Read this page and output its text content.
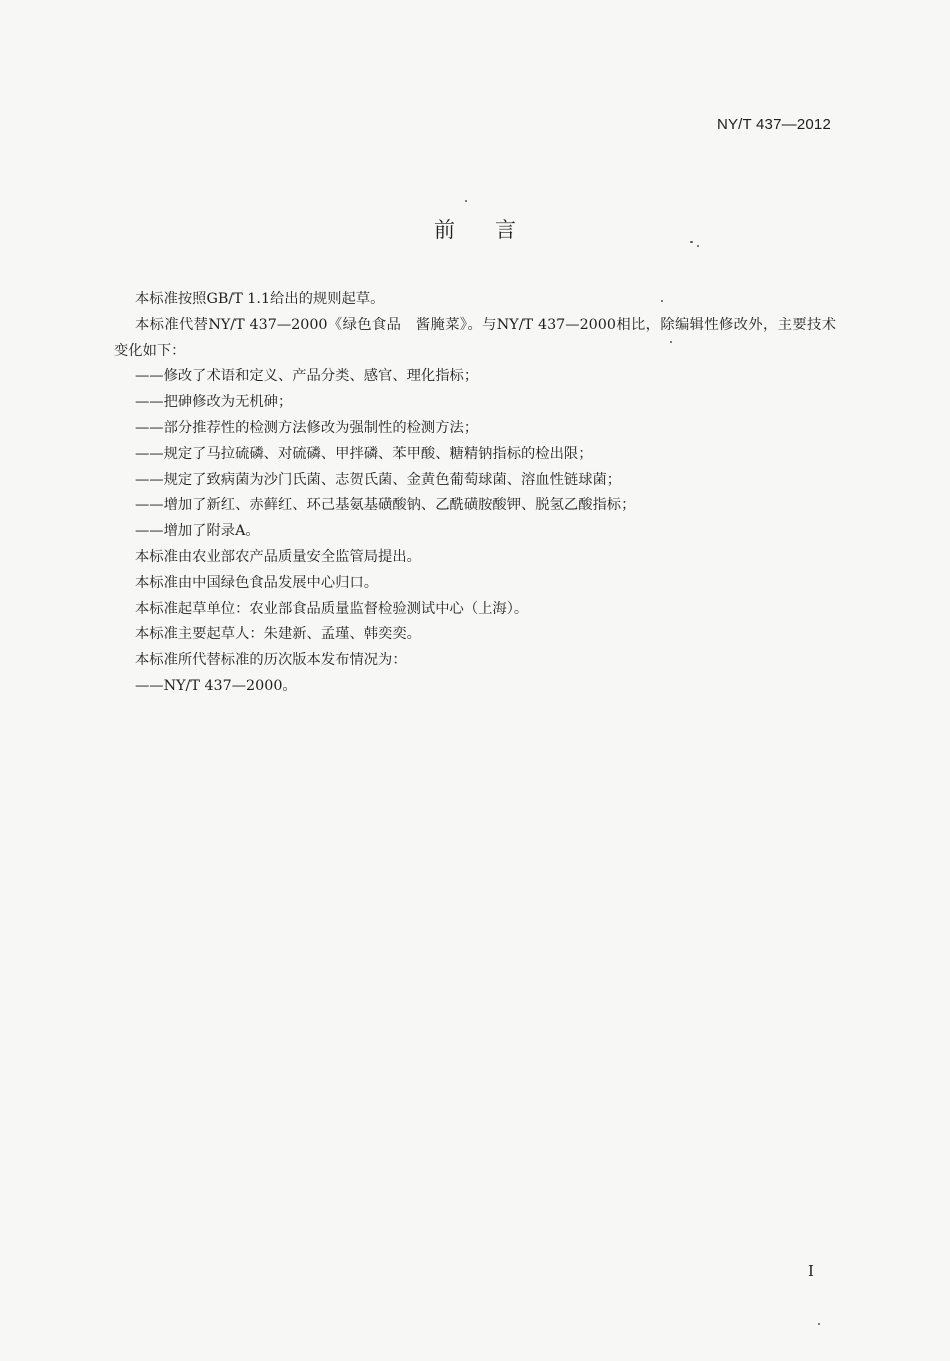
NY/T 437—2012
前言

本标准按照GB/T 1.1给出的规则起草。

本标准代替NY/T 437—2000《绿色食品　酱腌菜》。与NY/T 437—2000相比，除编辑性修改外，主要技术变化如下：

——修改了术语和定义、产品分类、感官、理化指标；

——把砷修改为无机砷；

——部分推荐性的检测方法修改为强制性的检测方法；

——规定了马拉硫磷、对硫磷、甲拌磷、苯甲酸、糖精钠指标的检出限；

——规定了致病菌为沙门氏菌、志贺氏菌、金黄色葡萄球菌、溶血性链球菌；

——增加了新红、赤藓红、环己基氨基磺酸钠、乙酰磺胺酸钾、脱氢乙酸指标；

——增加了附录A。

本标准由农业部农产品质量安全监管局提出。

本标准由中国绿色食品发展中心归口。

本标准起草单位：农业部食品质量监督检验测试中心（上海）。

本标准主要起草人：朱建新、孟瑾、韩奕奕。

本标准所代替标准的历次版本发布情况为：

——NY/T 437—2000。

I
